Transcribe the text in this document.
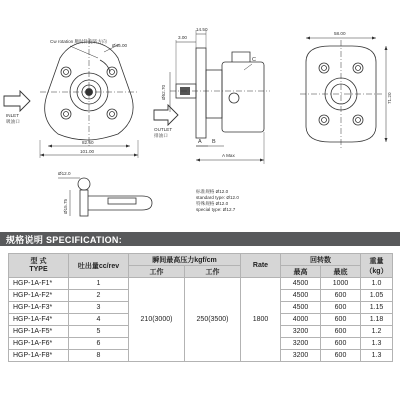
Cw rotation 顺时针旋转方向
Ø45.00
82.50
101.00
INLET
吸油口
OUTLET
排油口
14.50
3.00
Ø52.70
C
A B
A Max
58.00
71.20
Ø12.0
Ø15.75
标准规格 Ø12.0
standard type: Ø12.0
特殊规格 Ø12.0
special type: Ø12.7
规格说明 SPECIFICATION:
型 式
TYPE	吐出量cc/rev	瞬间最高压力kgf/cm		Rate	回转数		重量（kg）
		工作	工作		最高	最底	
HGP-1A-F1*	1	210(3000)	250(3500)	1800	4500	1000	1.0
HGP-1A-F2*	2				4500	600	1.05
HGP-1A-F3*	3				4500	600	1.15
HGP-1A-F4*	4				4000	600	1.18
HGP-1A-F5*	5				3200	600	1.2
HGP-1A-F6*	6				3200	600	1.3
HGP-1A-F8*	8				3200	600	1.3
